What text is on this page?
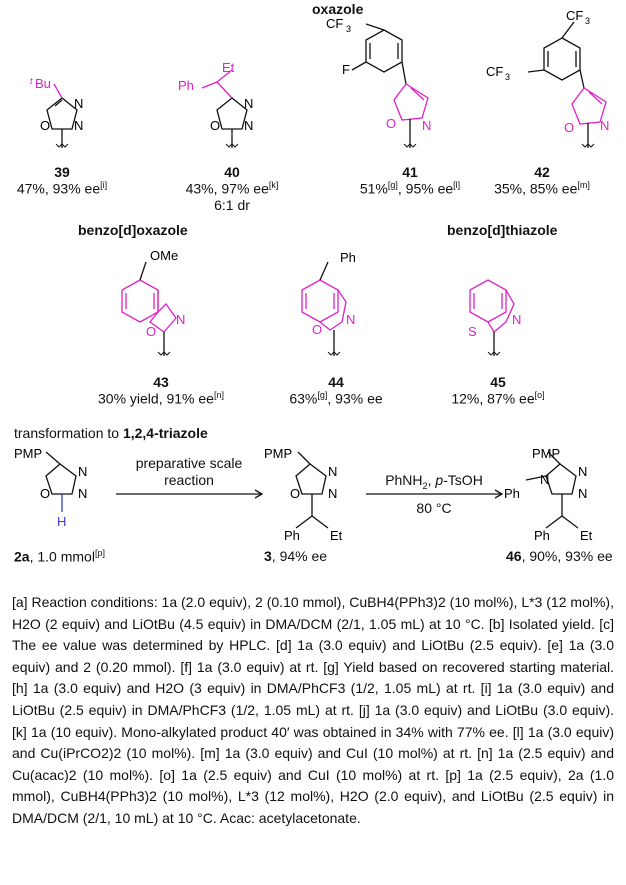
oxazole
benzo[d]oxazole	benzo[d]thiazole
t Bu
N
N
O
Ph
Et
N
N
O
CF 3
F
O N
CF 3
CF 3
O N
OMe
O
N
Ph
O
N
S
N
PMP
N
N
O
H
PMP
N
N
O
Ph Et
PMP
N
N
N
Ph
Ph Et
39
47%, 93% ee[i]
40
43%, 97% ee[k]
6:1 dr
41
51%[g], 95% ee[l]
42
35%, 85% ee[m]
43
30% yield, 91% ee[n]
44
63%[g], 93% ee
45
12%, 87% ee[o]
transformation to 1,2,4-triazole
preparative scale
reaction	PhNH$_2$, p-TsOH
80 °C
2a, 1.0 mmol[p]	3, 94% ee	46, 90%, 93% ee
[a] Reaction conditions: 1a (2.0 equiv), 2 (0.10 mmol), CuBH4(PPh3)2 (10 mol%), L*3 (12 mol%), H2O (2 equiv) and LiOtBu (4.5 equiv) in DMA/DCM (2/1, 1.05 mL) at 10 °C. [b] Isolated yield. [c] The ee value was determined by HPLC. [d] 1a (3.0 equiv) and LiOtBu (2.5 equiv). [e] 1a (3.0 equiv) and 2 (0.20 mmol). [f] 1a (3.0 equiv) at rt. [g] Yield based on recovered starting material. [h] 1a (3.0 equiv) and H2O (3 equiv) in DMA/PhCF3 (1/2, 1.05 mL) at rt. [i] 1a (3.0 equiv) and LiOtBu (2.5 equiv) in DMA/PhCF3 (1/2, 1.05 mL) at rt. [j] 1a (3.0 equiv) and LiOtBu (3.0 equiv). [k] 1a (10 equiv). Mono-alkylated product 40′ was obtained in 34% with 77% ee. [l] 1a (3.0 equiv) and Cu(iPrCO2)2 (10 mol%). [m] 1a (3.0 equiv) and CuI (10 mol%) at rt. [n] 1a (2.5 equiv) and Cu(acac)2 (10 mol%). [o] 1a (2.5 equiv) and CuI (10 mol%) at rt. [p] 1a (2.5 equiv), 2a (1.0 mmol), CuBH4(PPh3)2 (10 mol%), L*3 (12 mol%), H2O (2.0 equiv), and LiOtBu (2.5 equiv) in DMA/DCM (2/1, 10 mL) at 10 °C. Acac: acetylacetonate.
